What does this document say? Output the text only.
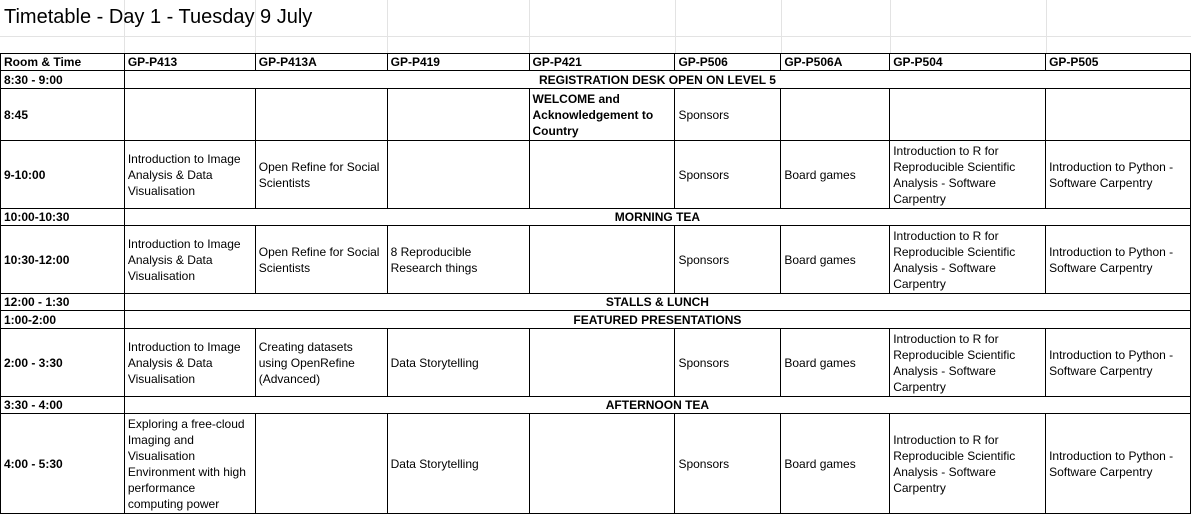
Timetable - Day 1 - Tuesday 9 July
Room & Time	GP-P413	GP-P413A	GP-P419	GP-P421	GP-P506	GP-P506A	GP-P504	GP-P505
8:30 - 9:00	REGISTRATION DESK OPEN ON LEVEL 5							
8:45				WELCOME and Acknowledgement to Country	Sponsors			
9-10:00	Introduction to Image Analysis & Data Visualisation	Open Refine for Social Scientists			Sponsors	Board games	Introduction to R for Reproducible Scientific Analysis - Software Carpentry	Introduction to Python - Software Carpentry
10:00-10:30	MORNING TEA							
10:30-12:00	Introduction to Image Analysis & Data Visualisation	Open Refine for Social Scientists	8 Reproducible Research things		Sponsors	Board games	Introduction to R for Reproducible Scientific Analysis - Software Carpentry	Introduction to Python - Software Carpentry
12:00 - 1:30	STALLS & LUNCH							
1:00-2:00	FEATURED PRESENTATIONS							
2:00 - 3:30	Introduction to Image Analysis & Data Visualisation	Creating datasets using OpenRefine (Advanced)	Data Storytelling		Sponsors	Board games	Introduction to R for Reproducible Scientific Analysis - Software Carpentry	Introduction to Python - Software Carpentry
3:30 - 4:00	AFTERNOON TEA							
4:00 - 5:30	Exploring a free-cloud Imaging and Visualisation Environment with high performance computing power		Data Storytelling		Sponsors	Board games	Introduction to R for Reproducible Scientific Analysis - Software Carpentry	Introduction to Python - Software Carpentry
